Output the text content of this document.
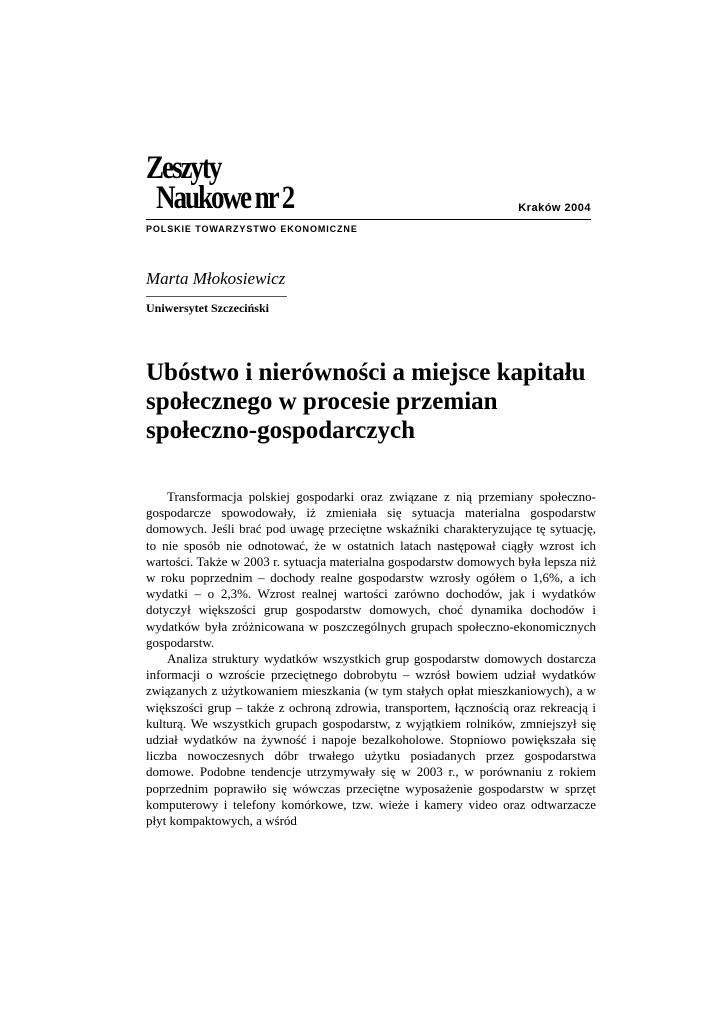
Zeszyty
Naukowe nr 2	Kraków 2004
POLSKIE TOWARZYSTWO EKONOMICZNE
Marta Młokosiewicz
Uniwersytet Szczeciński
Ubóstwo i nierówności a miejsce kapitału społecznego w procesie przemian społeczno-gospodarczych

Transformacja polskiej gospodarki oraz związane z nią przemiany społeczno-gospodarcze spowodowały, iż zmieniała się sytuacja materialna gospodarstw domowych. Jeśli brać pod uwagę przeciętne wskaźniki charakteryzujące tę sytuację, to nie sposób nie odnotować, że w ostatnich latach następował ciągły wzrost ich wartości. Także w 2003 r. sytuacja materialna gospodarstw domowych była lepsza niż w roku poprzednim – dochody realne gospodarstw wzrosły ogółem o 1,6%, a ich wydatki – o 2,3%. Wzrost realnej wartości zarówno dochodów, jak i wydatków dotyczył większości grup gospodarstw domowych, choć dynamika dochodów i wydatków była zróżnicowana w poszczególnych grupach społeczno-ekonomicznych gospodarstw.

Analiza struktury wydatków wszystkich grup gospodarstw domowych dostarcza informacji o wzroście przeciętnego dobrobytu – wzrósł bowiem udział wydatków związanych z użytkowaniem mieszkania (w tym stałych opłat mieszkaniowych), a w większości grup – także z ochroną zdrowia, transportem, łącznością oraz rekreacją i kulturą. We wszystkich grupach gospodarstw, z wyjątkiem rolników, zmniejszył się udział wydatków na żywność i napoje bezalkoholowe. Stopniowo powiększała się liczba nowoczesnych dóbr trwałego użytku posiadanych przez gospodarstwa domowe. Podobne tendencje utrzymywały się w 2003 r., w porównaniu z rokiem poprzednim poprawiło się wówczas przeciętne wyposażenie gospodarstw w sprzęt komputerowy i telefony komórkowe, tzw. wieże i kamery video oraz odtwarzacze płyt kompaktowych, a wśród
